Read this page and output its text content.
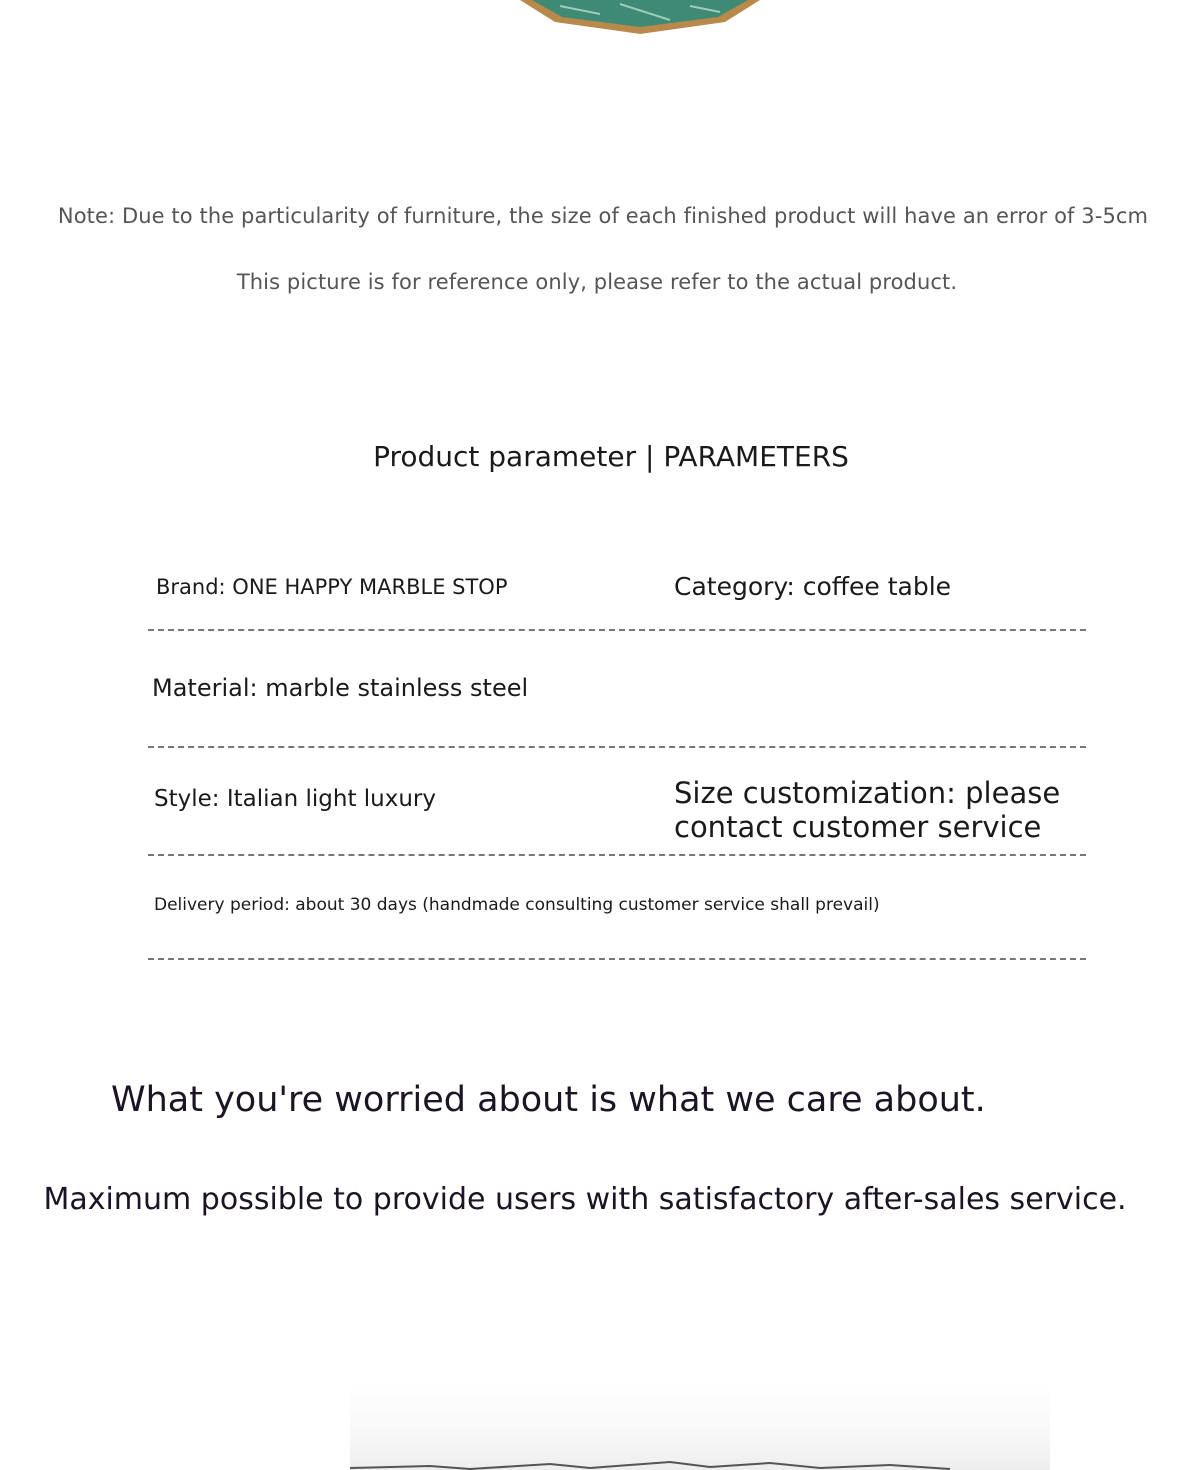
Note: Due to the particularity of furniture, the size of each finished product will have an error of 3-5cm
This picture is for reference only, please refer to the actual product.
Product parameter | PARAMETERS
Brand: ONE HAPPY MARBLE STOP	Category: coffee table
Material: marble stainless steel
Style: Italian light luxury	Size customization: please contact customer service
Delivery period: about 30 days (handmade consulting customer service shall prevail)
What you're worried about is what we care about.
Maximum possible to provide users with satisfactory after-sales service.
